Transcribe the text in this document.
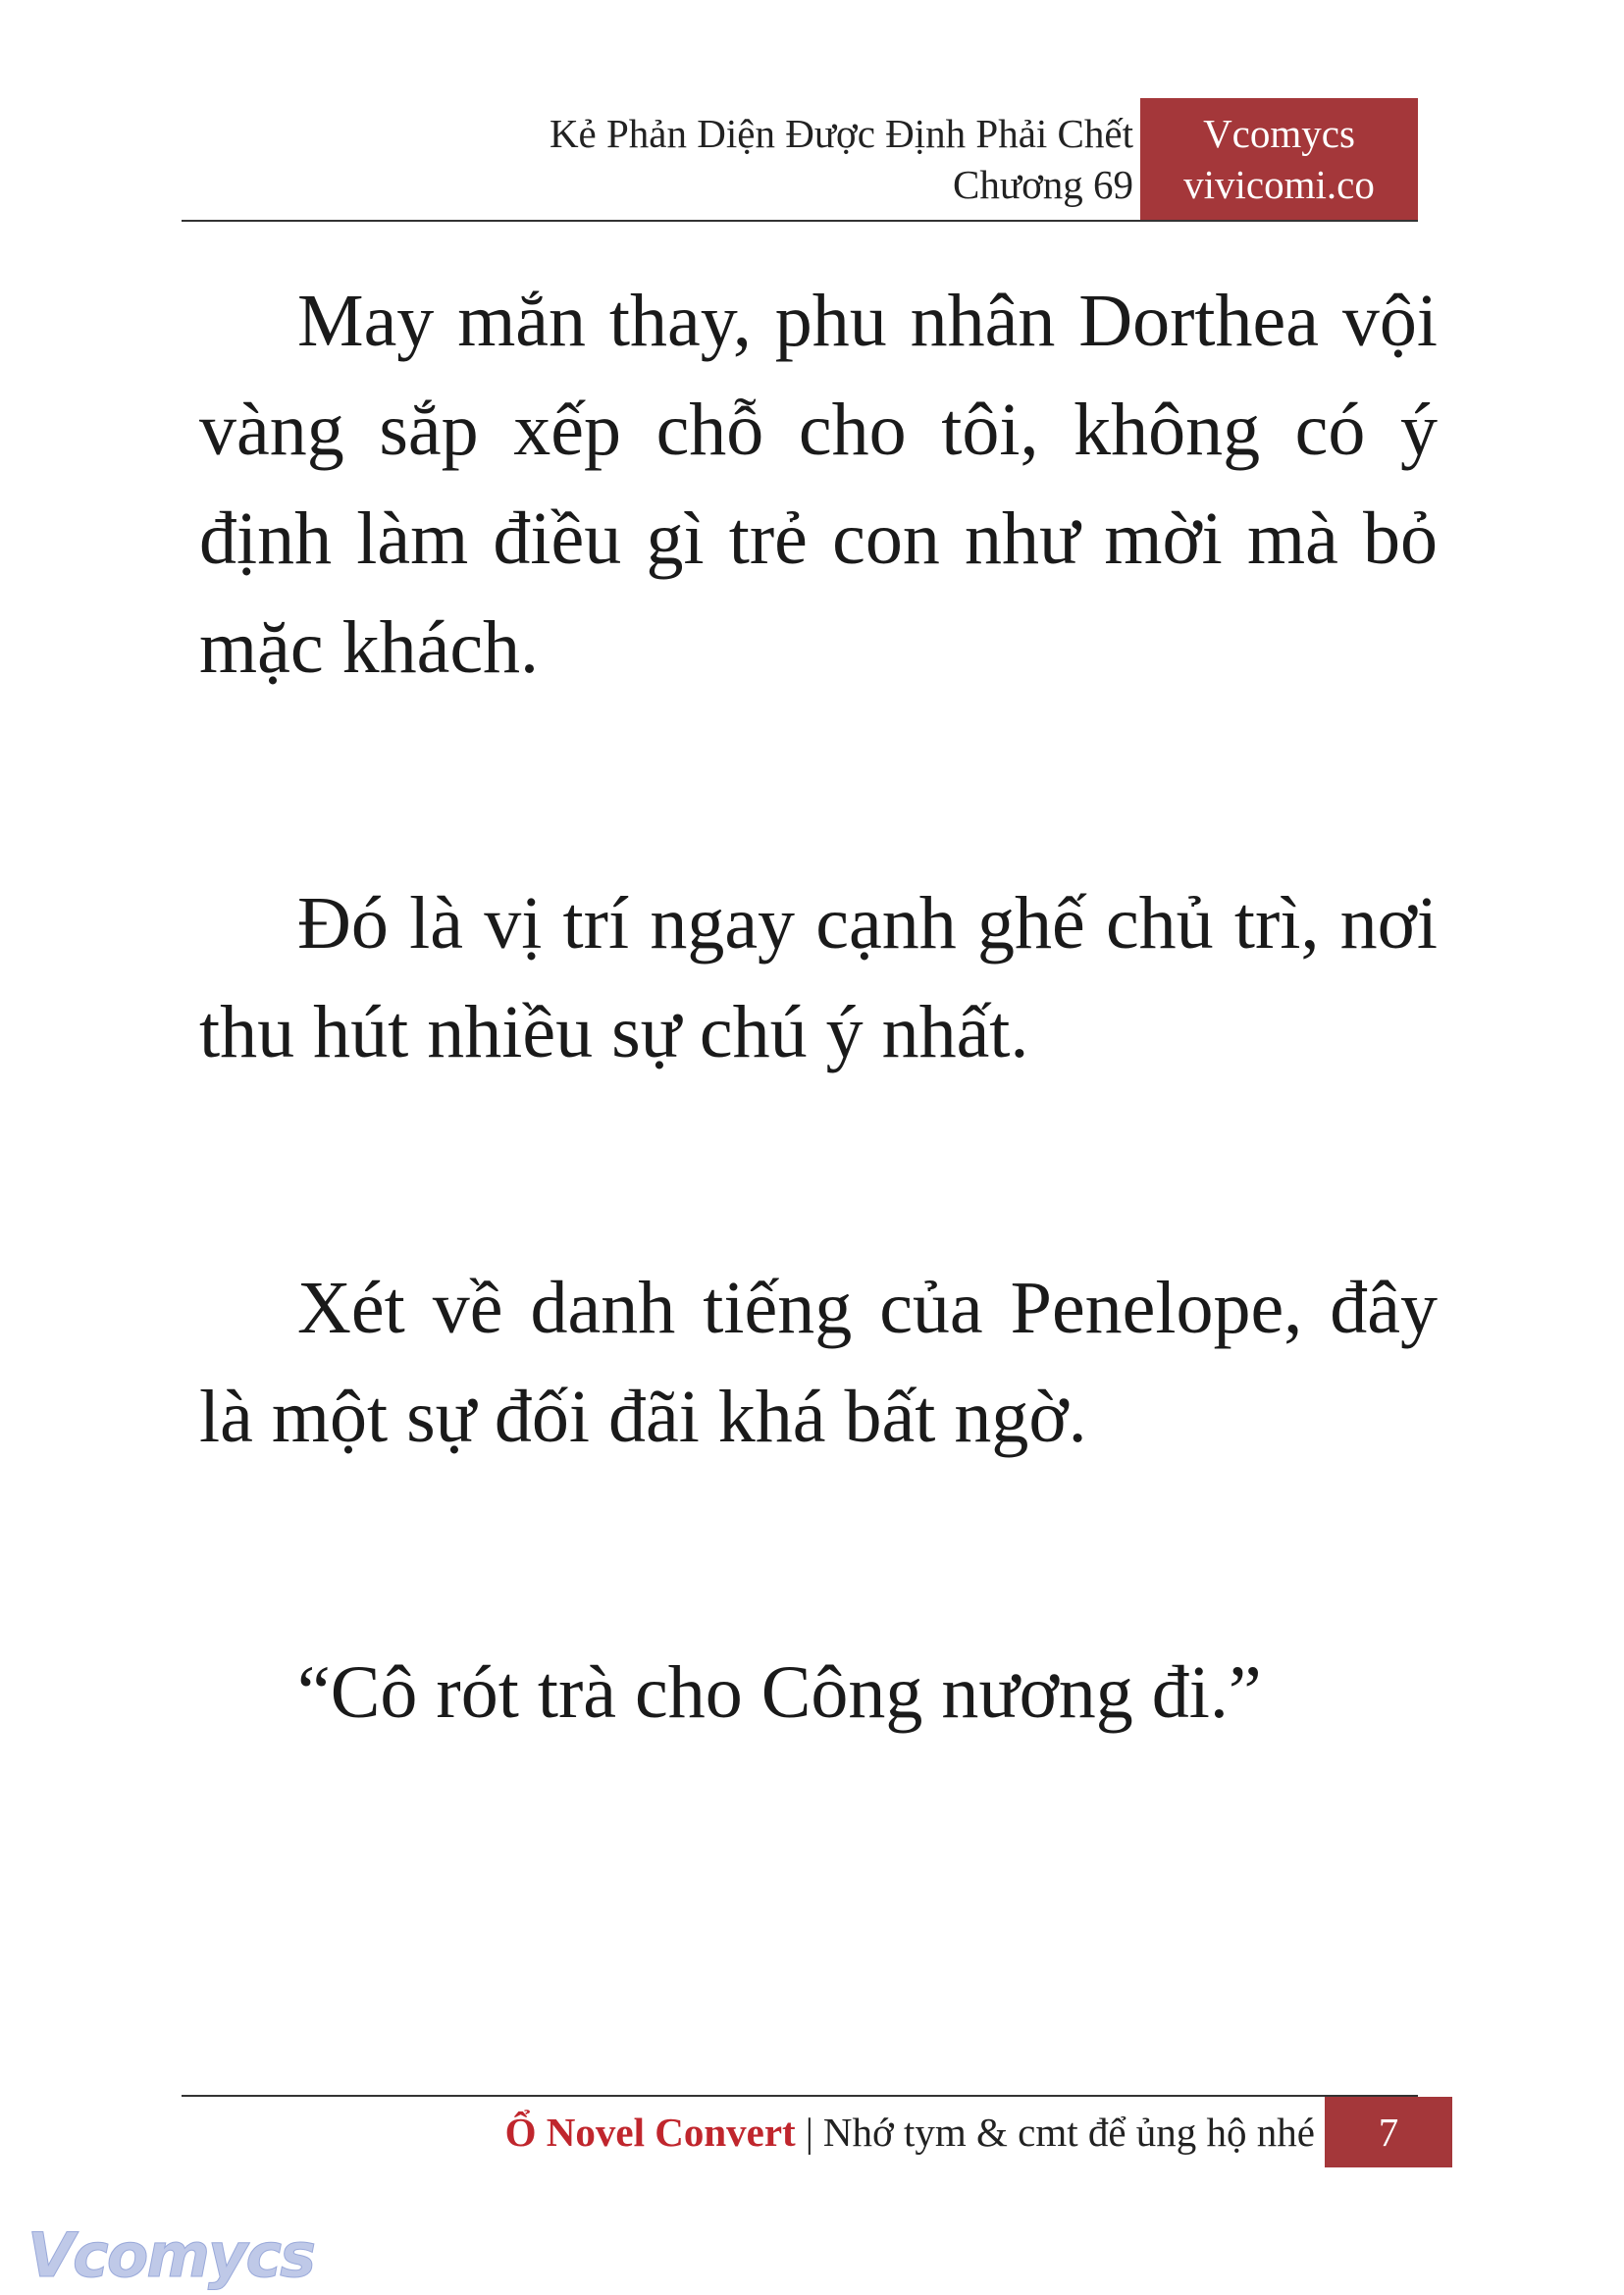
Kẻ Phản Diện Được Định Phải Chết
Chương 69
Vcomycs
vivicomi.co

May mắn thay, phu nhân Dorthea vội vàng sắp xếp chỗ cho tôi, không có ý định làm điều gì trẻ con như mời mà bỏ mặc khách.

Đó là vị trí ngay cạnh ghế chủ trì, nơi thu hút nhiều sự chú ý nhất.

Xét về danh tiếng của Penelope, đây là một sự đối đãi khá bất ngờ.

“Cô rót trà cho Công nương đi.”

Ổ Novel Convert | Nhớ tym & cmt để ủng hộ nhé	7
Vcomycs
